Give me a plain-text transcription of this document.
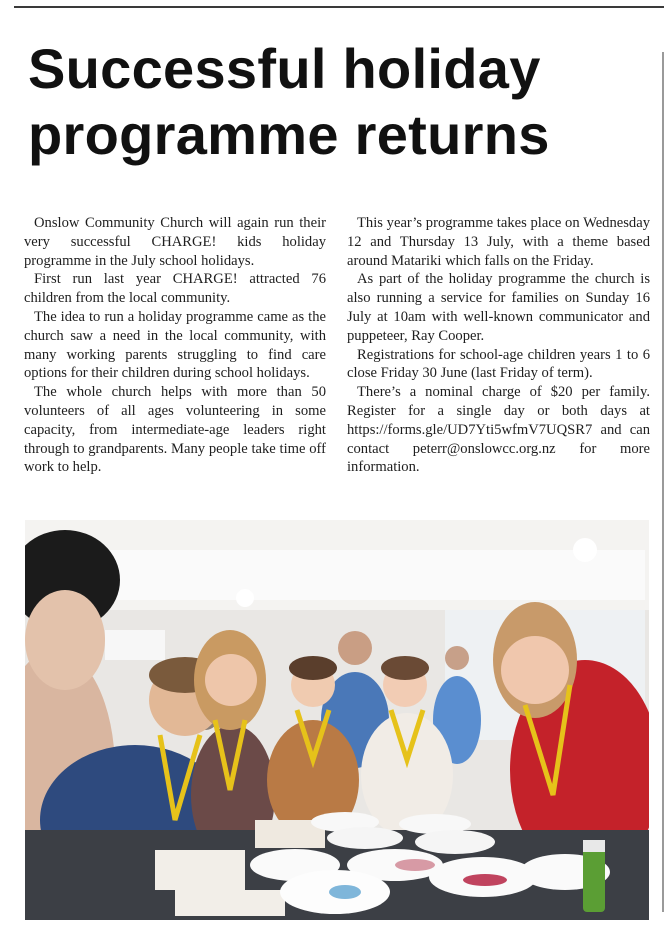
Successful holiday programme returns

Onslow Community Church will again run their very successful CHARGE! kids holiday programme in the July school holidays.

First run last year CHARGE! attracted 76 children from the local community.

The idea to run a holiday programme came as the church saw a need in the local community, with many working parents struggling to find care options for their children during school holidays.

The whole church helps with more than 50 volunteers of all ages volunteering in some capacity, from intermediate-age leaders right through to grandparents. Many people take time off work to help.

This year’s programme takes place on Wednesday 12 and Thursday 13 July, with a theme based around Matariki which falls on the Friday.

As part of the holiday programme the church is also running a service for families on Sunday 16 July at 10am with well-known communicator and puppeteer, Ray Cooper.

Registrations for school-age children years 1 to 6 close Friday 30 June (last Friday of term).

There’s a nominal charge of $20 per family. Register for a single day or both days at https://forms.gle/UD7Yti5wfmV7UQSR7 and can contact peterr@onslowcc.org.nz for more information.
